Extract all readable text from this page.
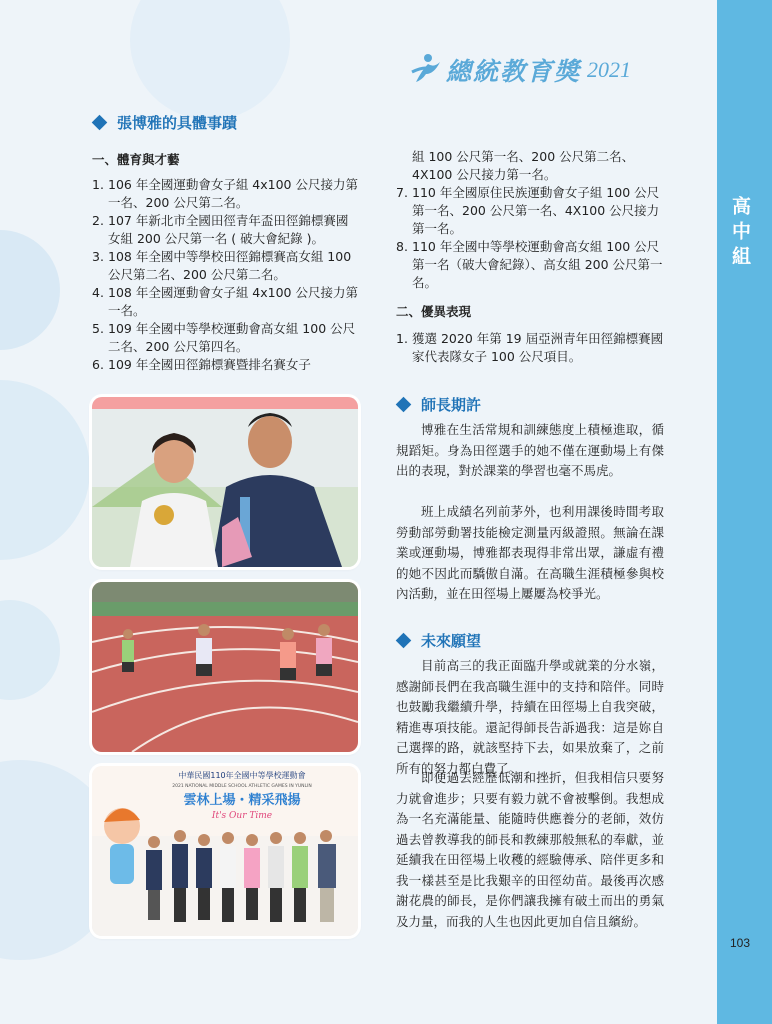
高中組
103
總統教育獎 2021
張博雅的具體事蹟
一、體育與才藝
1. 106 年全國運動會女子組 4x100 公尺接力第一名、200 公尺第二名。
2. 107 年新北市全國田徑青年盃田徑錦標賽國女組 200 公尺第一名 ( 破大會紀錄 )。
3. 108 年全國中等學校田徑錦標賽高女組 100 公尺第二名、200 公尺第二名。
4. 108 年全國運動會女子組 4x100 公尺接力第一名。
5. 109 年全國中等學校運動會高女組 100 公尺二名、200 公尺第四名。
6. 109 年全國田徑錦標賽暨排名賽女子
組 100 公尺第一名、200 公尺第二名、4X100 公尺接力第一名。
7. 110 年全國原住民族運動會女子組 100 公尺第一名、200 公尺第一名、4X100 公尺接力第一名。
8. 110 年全國中等學校運動會高女組 100 公尺第一名（破大會紀錄）、高女組 200 公尺第一名。
二、優異表現
1. 獲選 2020 年第 19 屆亞洲青年田徑錦標賽國家代表隊女子 100 公尺項目。
師長期許

博雅在生活常規和訓練態度上積極進取，循規蹈矩。身為田徑選手的她不僅在運動場上有傑出的表現，對於課業的學習也毫不馬虎。

班上成績名列前茅外，也利用課後時間考取勞動部勞動署技能檢定測量丙級證照。無論在課業或運動場，博雅都表現得非常出眾，謙虛有禮的她不因此而驕傲自滿。在高職生涯積極參與校內活動，並在田徑場上屢屢為校爭光。

未來願望

目前高三的我正面臨升學或就業的分水嶺，感謝師長們在我高職生涯中的支持和陪伴。同時也鼓勵我繼續升學，持續在田徑場上自我突破，精進專項技能。還記得師長告訴過我：這是妳自己選擇的路，就該堅持下去，如果放棄了，之前所有的努力都白費了。

即便過去經歷低潮和挫折，但我相信只要努力就會進步；只要有毅力就不會被擊倒。我想成為一名充滿能量、能隨時供應養分的老師，效仿過去曾教導我的師長和教練那般無私的奉獻，並延續我在田徑場上收穫的經驗傳承、陪伴更多和我一樣甚至是比我艱辛的田徑幼苗。最後再次感謝花農的師長，是你們讓我擁有破土而出的勇氣及力量，而我的人生也因此更加自信且繽紛。

中華民國110年全國中等學校運動會
2021 NATIONAL MIDDLE SCHOOL ATHLETIC GAMES IN YUNLIN
雲林上場・精采飛揚
It's Our Time
